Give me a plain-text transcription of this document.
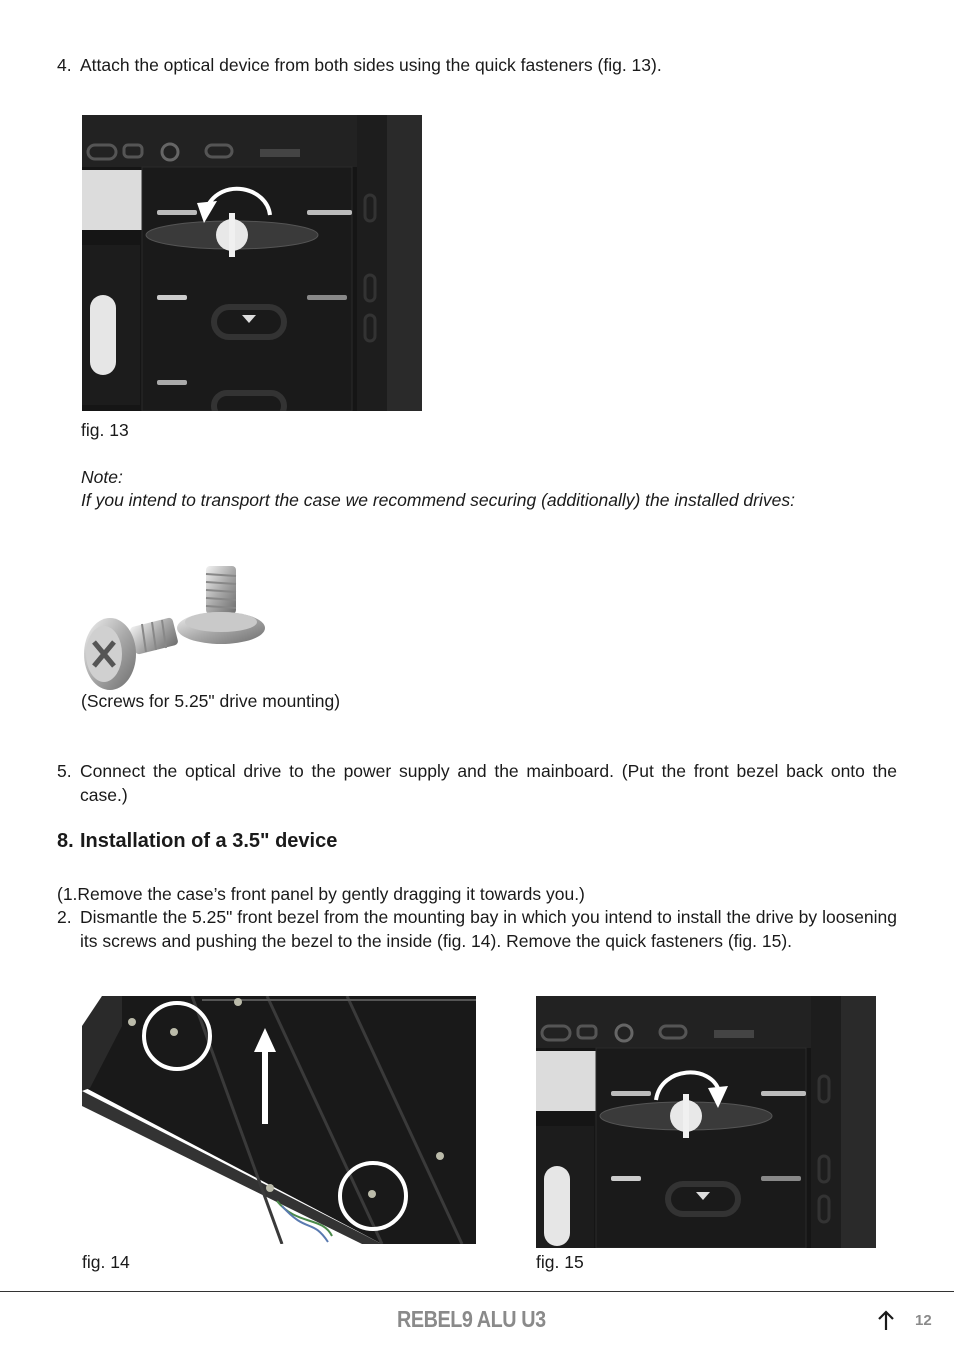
4. Attach the optical device from both sides using the quick fasteners (fig. 13).
fig. 13
Note:
If you intend to transport the case we recommend securing (additionally) the installed drives:
(Screws for 5.25" drive mounting)
5. Connect the optical drive to the power supply and the mainboard. (Put the front bezel back onto the case.)
8. Installation of a 3.5" device
(1.Remove the case’s front panel by gently dragging it towards you.)
2. Dismantle the 5.25" front bezel from the mounting bay in which you intend to install the drive by loosening its screws and pushing the bezel to the inside (fig. 14). Remove the quick fasteners (fig. 15).
fig. 14	fig. 15
REBEL9 ALU U3	12
